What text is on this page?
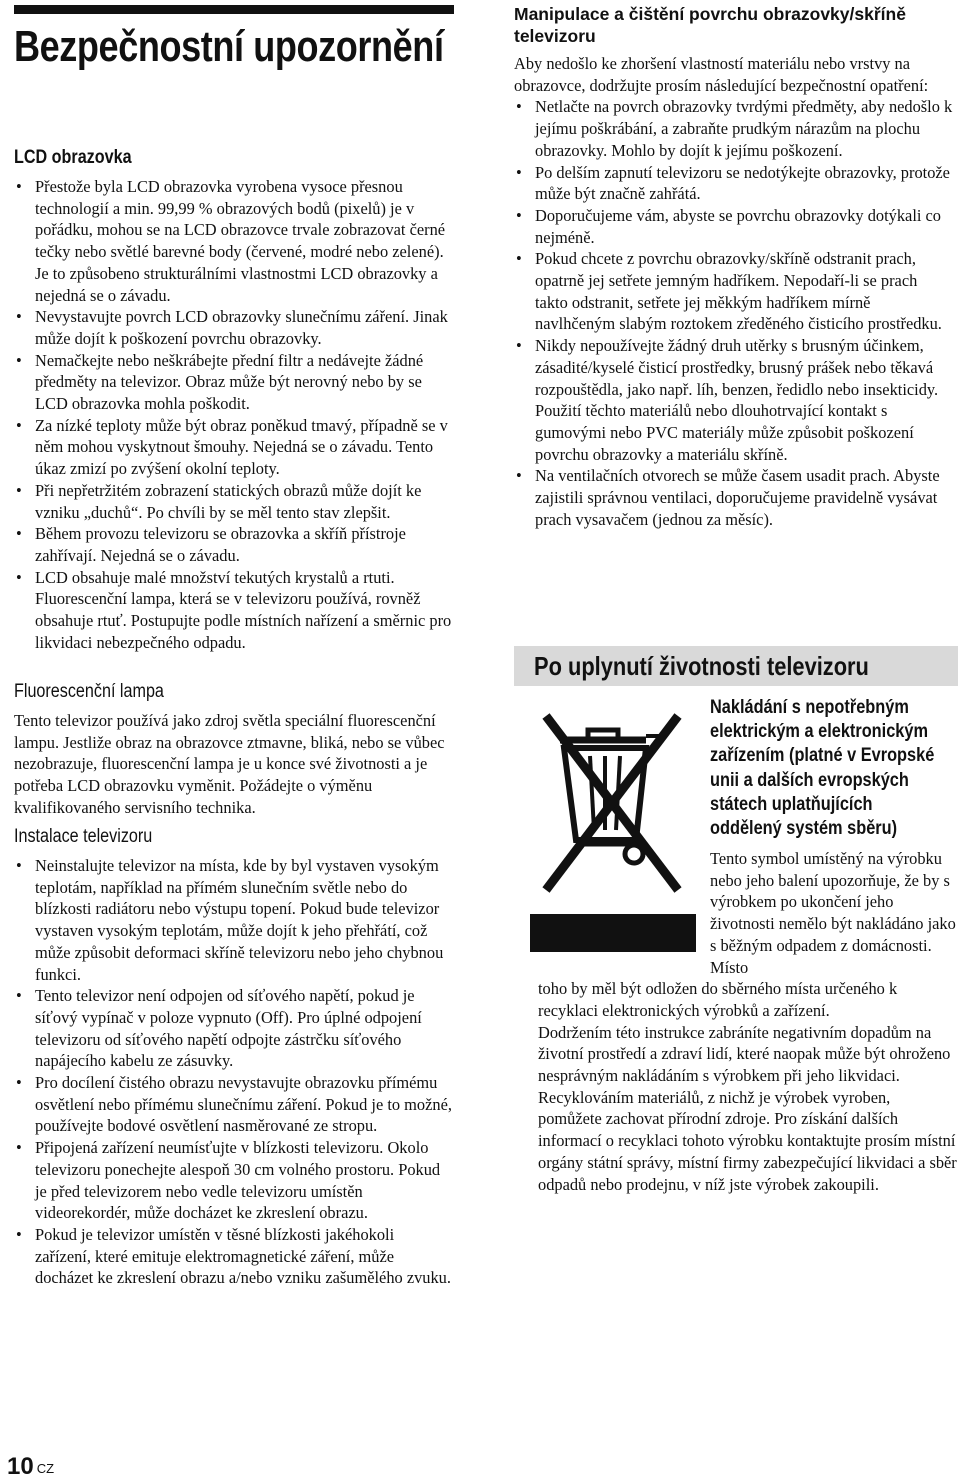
Bezpečnostní upozornění
LCD obrazovka
• Přestože byla LCD obrazovka vyrobena vysoce přesnou technologií a min. 99,99 % obrazových bodů (pixelů) je v pořádku, mohou se na LCD obrazovce trvale zobrazovat černé tečky nebo světlé barevné body (červené, modré nebo zelené). Je to způsobeno strukturálními vlastnostmi LCD obrazovky a nejedná se o závadu.
• Nevystavujte povrch LCD obrazovky slunečnímu záření. Jinak může dojít k poškození povrchu obrazovky.
• Nemačkejte nebo neškrábejte přední filtr a nedávejte žádné předměty na televizor. Obraz může být nerovný nebo by se LCD obrazovka mohla poškodit.
• Za nízké teploty může být obraz poněkud tmavý, případně se v něm mohou vyskytnout šmouhy. Nejedná se o závadu. Tento úkaz zmizí po zvýšení okolní teploty.
• Při nepřetržitém zobrazení statických obrazů může dojít ke vzniku „duchů“. Po chvíli by se měl tento stav zlepšit.
• Během provozu televizoru se obrazovka a skříň přístroje zahřívají. Nejedná se o závadu.
• LCD obsahuje malé množství tekutých krystalů a rtuti. Fluorescenční lampa, která se v televizoru používá, rovněž obsahuje rtuť. Postupujte podle místních nařízení a směrnic pro likvidaci nebezpečného odpadu.
Fluorescenční lampa

Tento televizor používá jako zdroj světla speciální fluorescenční lampu. Jestliže obraz na obrazovce ztmavne, bliká, nebo se vůbec nezobrazuje, fluorescenční lampa je u konce své životnosti a je potřeba LCD obrazovku vyměnit. Požádejte o výměnu kvalifikovaného servisního technika.

Instalace televizoru
• Neinstalujte televizor na místa, kde by byl vystaven vysokým teplotám, například na přímém slunečním světle nebo do blízkosti radiátoru nebo výstupu topení. Pokud bude televizor vystaven vysokým teplotám, může dojít k jeho přehřátí, což může způsobit deformaci skříně televizoru nebo jeho chybnou funkci.
• Tento televizor není odpojen od síťového napětí, pokud je síťový vypínač v poloze vypnuto (Off). Pro úplné odpojení televizoru od síťového napětí odpojte zástrčku síťového napájecího kabelu ze zásuvky.
• Pro docílení čistého obrazu nevystavujte obrazovku přímému osvětlení nebo přímému slunečnímu záření. Pokud je to možné, používejte bodové osvětlení nasměrované ze stropu.
• Připojená zařízení neumísťujte v blízkosti televizoru. Okolo televizoru ponechejte alespoň 30 cm volného prostoru. Pokud je před televizorem nebo vedle televizoru umístěn videorekordér, může docházet ke zkreslení obrazu.
• Pokud je televizor umístěn v těsné blízkosti jakéhokoli zařízení, které emituje elektromagnetické záření, může docházet ke zkreslení obrazu a/nebo vzniku zašumělého zvuku.
Manipulace a čištění povrchu obrazovky/skříně televizoru

Aby nedošlo ke zhoršení vlastností materiálu nebo vrstvy na obrazovce, dodržujte prosím následující bezpečnostní opatření:

• Netlačte na povrch obrazovky tvrdými předměty, aby nedošlo k jejímu poškrábání, a zabraňte prudkým nárazům na plochu obrazovky. Mohlo by dojít k jejímu poškození.
• Po delším zapnutí televizoru se nedotýkejte obrazovky, protože může být značně zahřátá.
• Doporučujeme vám, abyste se povrchu obrazovky dotýkali co nejméně.
• Pokud chcete z povrchu obrazovky/skříně odstranit prach, opatrně jej setřete jemným hadříkem. Nepodaří-li se prach takto odstranit, setřete jej měkkým hadříkem mírně navlhčeným slabým roztokem zředěného čisticího prostředku.
• Nikdy nepoužívejte žádný druh utěrky s brusným účinkem, zásadité/kyselé čisticí prostředky, brusný prášek nebo těkavá rozpouštědla, jako např. líh, benzen, ředidlo nebo insekticidy. Použití těchto materiálů nebo dlouhotrvající kontakt s gumovými nebo PVC materiály může způsobit poškození povrchu obrazovky a materiálu skříně.
• Na ventilačních otvorech se může časem usadit prach. Abyste zajistili správnou ventilaci, doporučujeme pravidelně vysávat prach vysavačem (jednou za měsíc).
Po uplynutí životnosti televizoru
Nakládání s nepotřebným
elektrickým a elektronickým
zařízením (platné v Evropské
unii a dalších evropských
státech uplatňujících
oddělený systém sběru)

Tento symbol umístěný na výrobku nebo jeho balení upozorňuje, že by s výrobkem po ukončení jeho životnosti nemělo být nakládáno jako s běžným odpadem z domácnosti. Místo

toho by měl být odložen do sběrného místa určeného k recyklaci elektronických výrobků a zařízení.

Dodržením této instrukce zabráníte negativním dopadům na životní prostředí a zdraví lidí, které naopak může být ohroženo nesprávným nakládáním s výrobkem při jeho likvidaci. Recyklováním materiálů, z nichž je výrobek vyroben, pomůžete zachovat přírodní zdroje. Pro získání dalších informací o recyklaci tohoto výrobku kontaktujte prosím místní orgány státní správy, místní firmy zabezpečující likvidaci a sběr odpadů nebo prodejnu, v níž jste výrobek zakoupili.

10 $^{CZ}$
